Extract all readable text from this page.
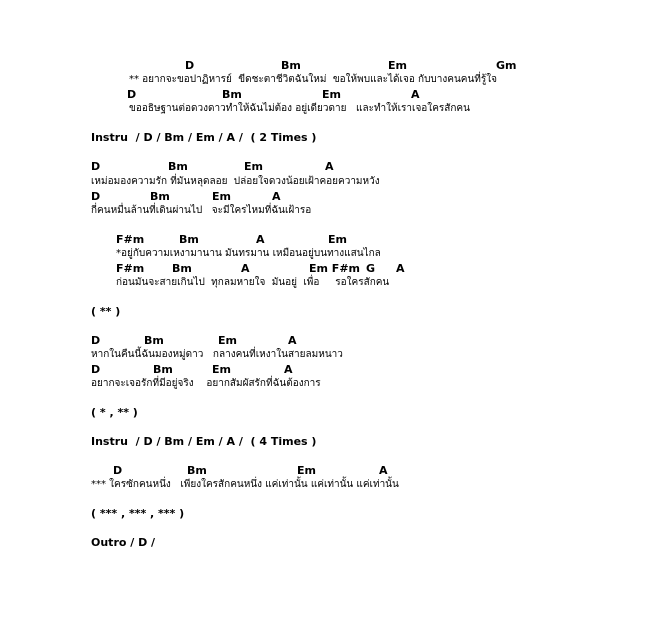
D	Bm	Em	Gm
** อยากจะขอปาฏิหารย์  ขีดชะตาชีวิตฉันใหม่  ขอให้พบและได้เจอ กับบางคนคนที่รู้ใจ
D	Bm	Em	A
ขออธิษฐานต่อดวงดาวทำให้ฉันไม่ต้อง อยู่เดียวดาย   และทำให้เราเจอใครสักคน
Instru  / D / Bm / Em / A /  ( 2 Times )
D	Bm	Em	A
เหม่อมองความรัก ที่มันหลุดลอย  ปล่อยใจดวงน้อยเฝ้าคอยความหวัง
D	Bm	Em	A
กี่คนหมื่นล้านที่เดินผ่านไป   จะมีใครไหมที่ฉันเฝ้ารอ
F#m	Bm	A	Em
*อยู่กับความเหงามานาน มันทรมาน เหมือนอยู่บนทางแสนไกล
F#m	Bm	A	Em F#m G A
ก่อนมันจะสายเกินไป  ทุกลมหายใจ  มันอยู่  เพื่อ     รอใครสักคน
( ** )
D	Bm	Em	A
หากในคืนนี้ฉันมองหมู่ดาว   กลางคนที่เหงาในสายลมหนาว
D	Bm	Em	A
อยากจะเจอรักที่มีอยู่จริง    อยากสัมผัสรักที่ฉันต้องการ
( * , ** )
Instru  / D / Bm / Em / A /  ( 4 Times )
D	Bm	Em	A
*** ใครซักคนหนึ่ง   เพียงใครสักคนหนึ่ง แค่เท่านั้น แค่เท่านั้น แค่เท่านั้น
( *** , *** , *** )
Outro / D /
